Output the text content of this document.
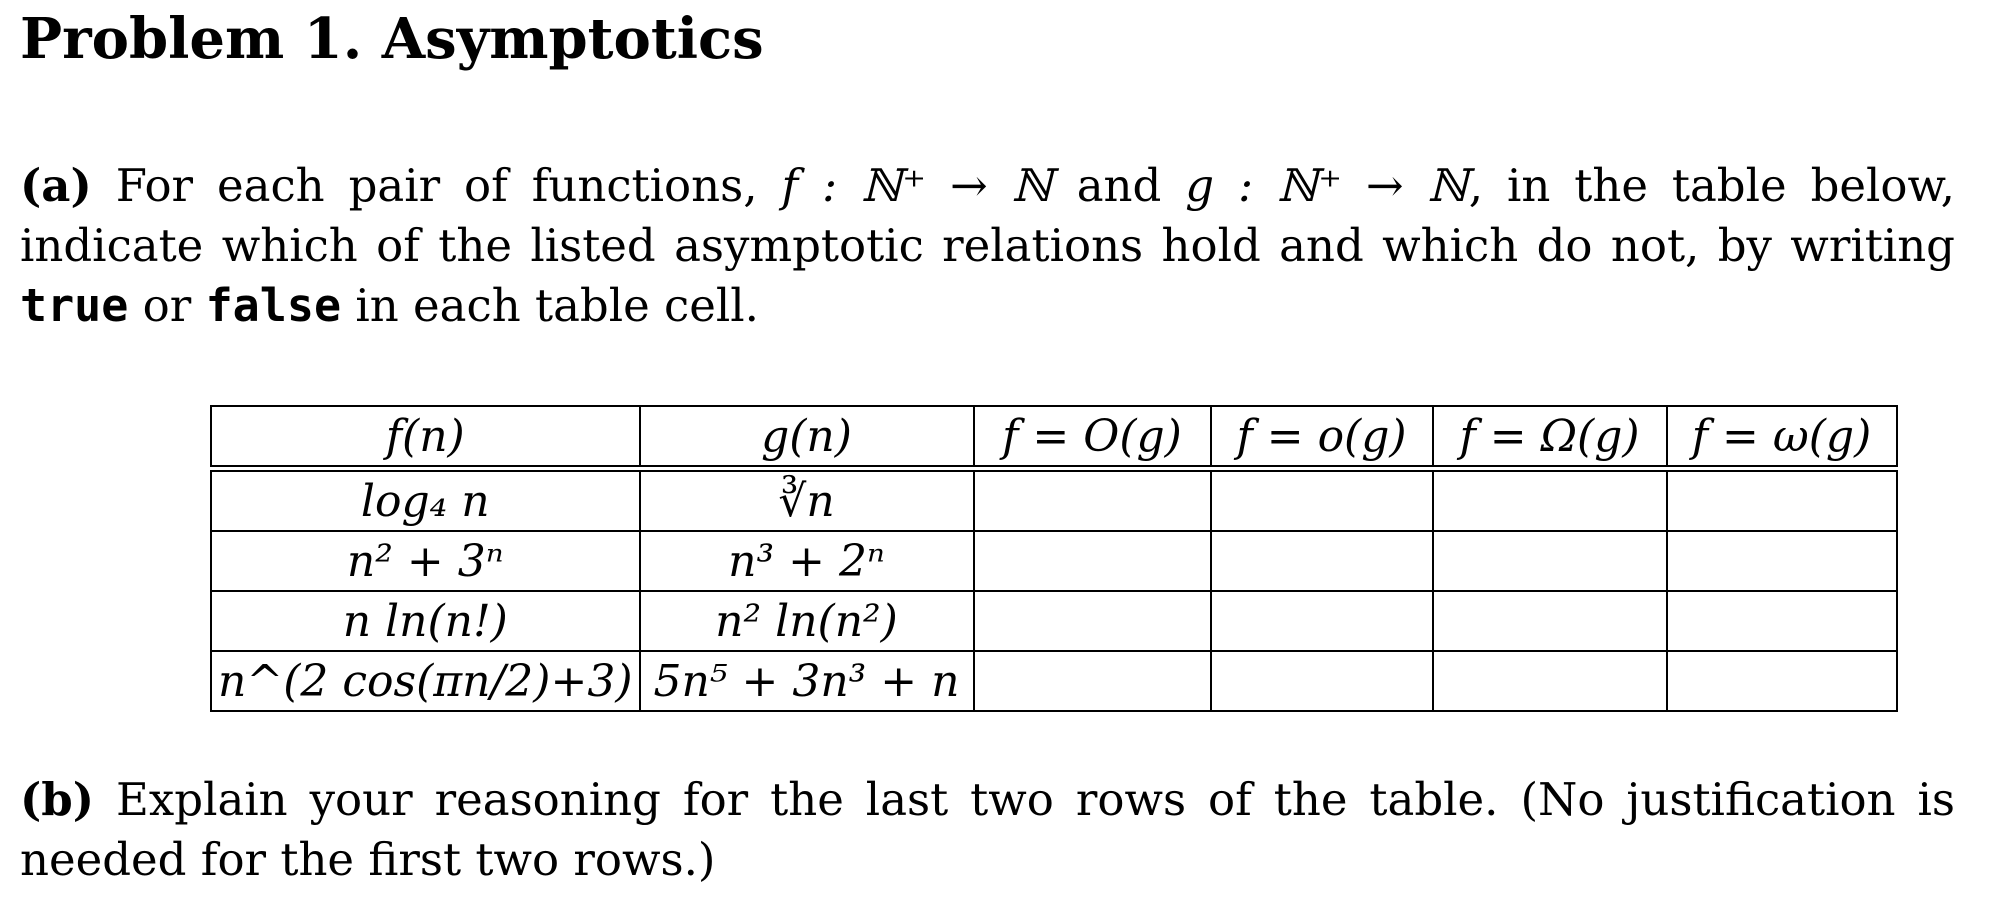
Problem 1. Asymptotics
(a) For each pair of functions, f : ℕ⁺ → ℕ and g : ℕ⁺ → ℕ, in the table below, indicate which of the listed asymptotic relations hold and which do not, by writing true or false in each table cell.
f(n)	g(n)	f = O(g)	f = o(g)	f = Ω(g)	f = ω(g)
log₄ n	∛n				
n² + 3ⁿ	n³ + 2ⁿ				
n ln(n!)	n² ln(n²)				
n^(2 cos(πn/2)+3)	5n⁵ + 3n³ + n				
(b) Explain your reasoning for the last two rows of the table. (No justification is needed for the first two rows.)
